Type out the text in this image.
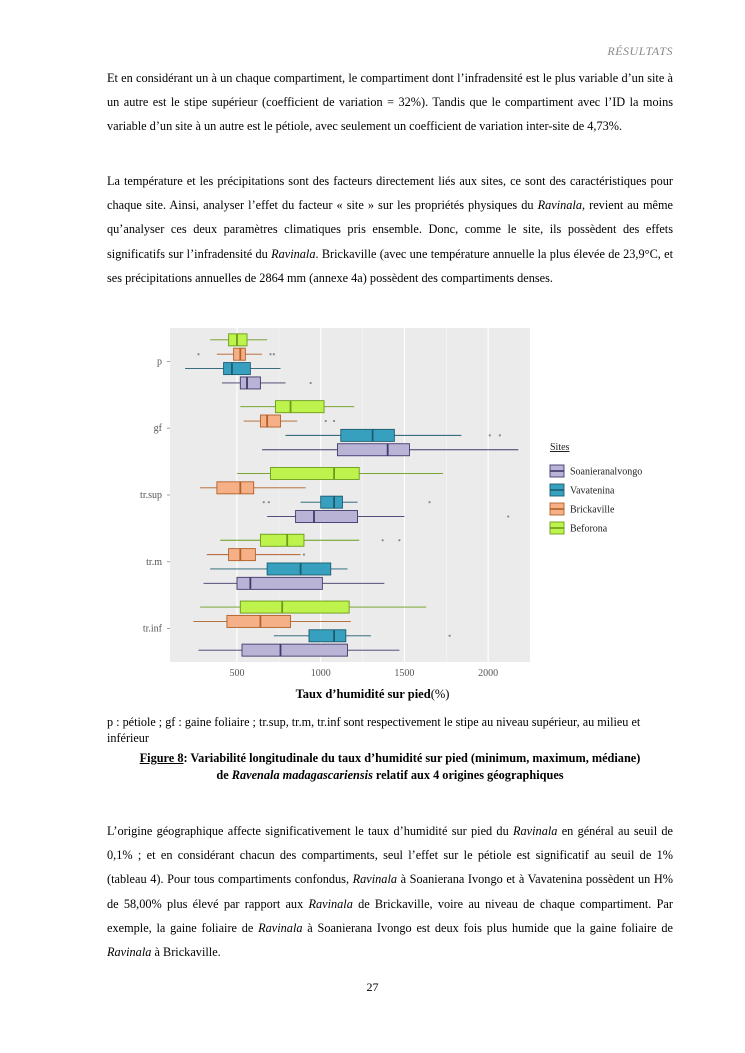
RÉSULTATS

Et en considérant un à un chaque compartiment, le compartiment dont l’infradensité est le plus variable d’un site à un autre est le stipe supérieur (coefficient de variation = 32%). Tandis que le compartiment avec l’ID la moins variable d’un site à un autre est le pétiole, avec seulement un coefficient de variation inter-site de 4,73%.

La température et les précipitations sont des facteurs directement liés aux sites, ce sont des caractéristiques pour chaque site. Ainsi, analyser l’effet du facteur « site » sur les propriétés physiques du Ravinala, revient au même qu’analyser ces deux paramètres climatiques pris ensemble. Donc, comme le site, ils possèdent des effets significatifs sur l’infradensité du Ravinala. Brickaville (avec une température annuelle la plus élevée de 23,9°C, et ses précipitations annuelles de 2864 mm (annexe 4a) possèdent des compartiments denses.

p
gf
tr.sup
tr.m
tr.inf
500	1000	1500	2000
Sites
Soanieranalvongo
Vavatenina
Brickaville
Beforona
Taux d’humidité sur pied(%)

p : pétiole ; gf : gaine foliaire ; tr.sup, tr.m, tr.inf sont respectivement le stipe au niveau supérieur, au milieu et inférieur

Figure 8: Variabilité longitudinale du taux d’humidité sur pied (minimum, maximum, médiane)
de Ravenala madagascariensis relatif aux 4 origines géographiques

L’origine géographique affecte significativement le taux d’humidité sur pied du Ravinala en général au seuil de 0,1% ; et en considérant chacun des compartiments, seul l’effet sur le pétiole est significatif au seuil de 1% (tableau 4). Pour tous compartiments confondus, Ravinala à Soanierana Ivongo et à Vavatenina possèdent un H% de 58,00% plus élevé par rapport aux Ravinala de Brickaville, voire au niveau de chaque compartiment. Par exemple, la gaine foliaire de Ravinala à Soanierana Ivongo est deux fois plus humide que la gaine foliaire de Ravinala à Brickaville.

27
